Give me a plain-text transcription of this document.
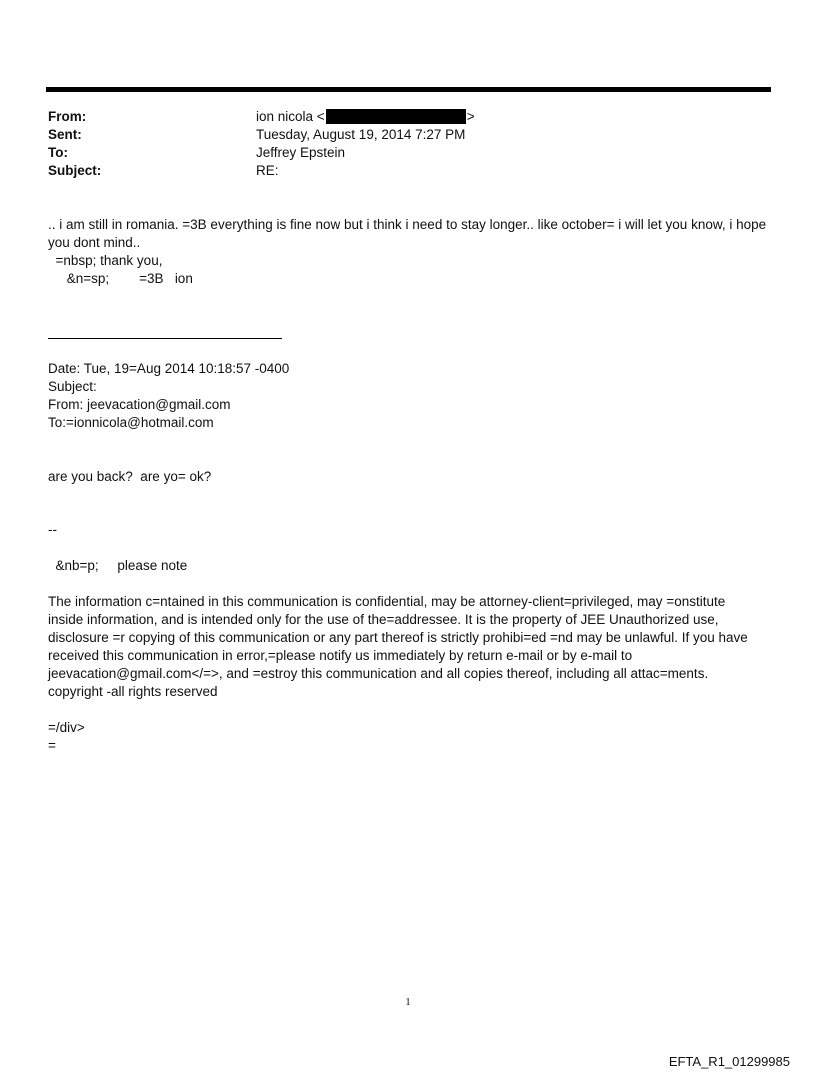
From:	ion nicola <	>
Sent:	Tuesday, August 19, 2014 7:27 PM
To:	Jeffrey Epstein
Subject:	RE:
.. i am still in romania. =3B everything is fine now but i think i need to stay longer.. like october= i will let you know, i hope you dont mind..
=nbsp; thank you,
&n=sp;        =3B   ion
Date: Tue, 19=Aug 2014 10:18:57 -0400
Subject:
From: jeevacation@gmail.com
To:=ionnicola@hotmail.com
are you back?  are yo= ok?
--
&nb=p;     please note
The information c=ntained in this communication is confidential, may be attorney-client=privileged, may =onstitute inside information, and is intended only for the use of the=addressee. It is the property of JEE Unauthorized use, disclosure =r copying of this communication or any part thereof is strictly prohibi=ed =nd may be unlawful. If you have received this communication in error,=please notify us immediately by return e-mail or by e-mail to jeevacation@gmail.com</=>, and =estroy this communication and all copies thereof, including all attac=ments. copyright -all rights reserved
=/div>
=
1
EFTA_R1_01299985
